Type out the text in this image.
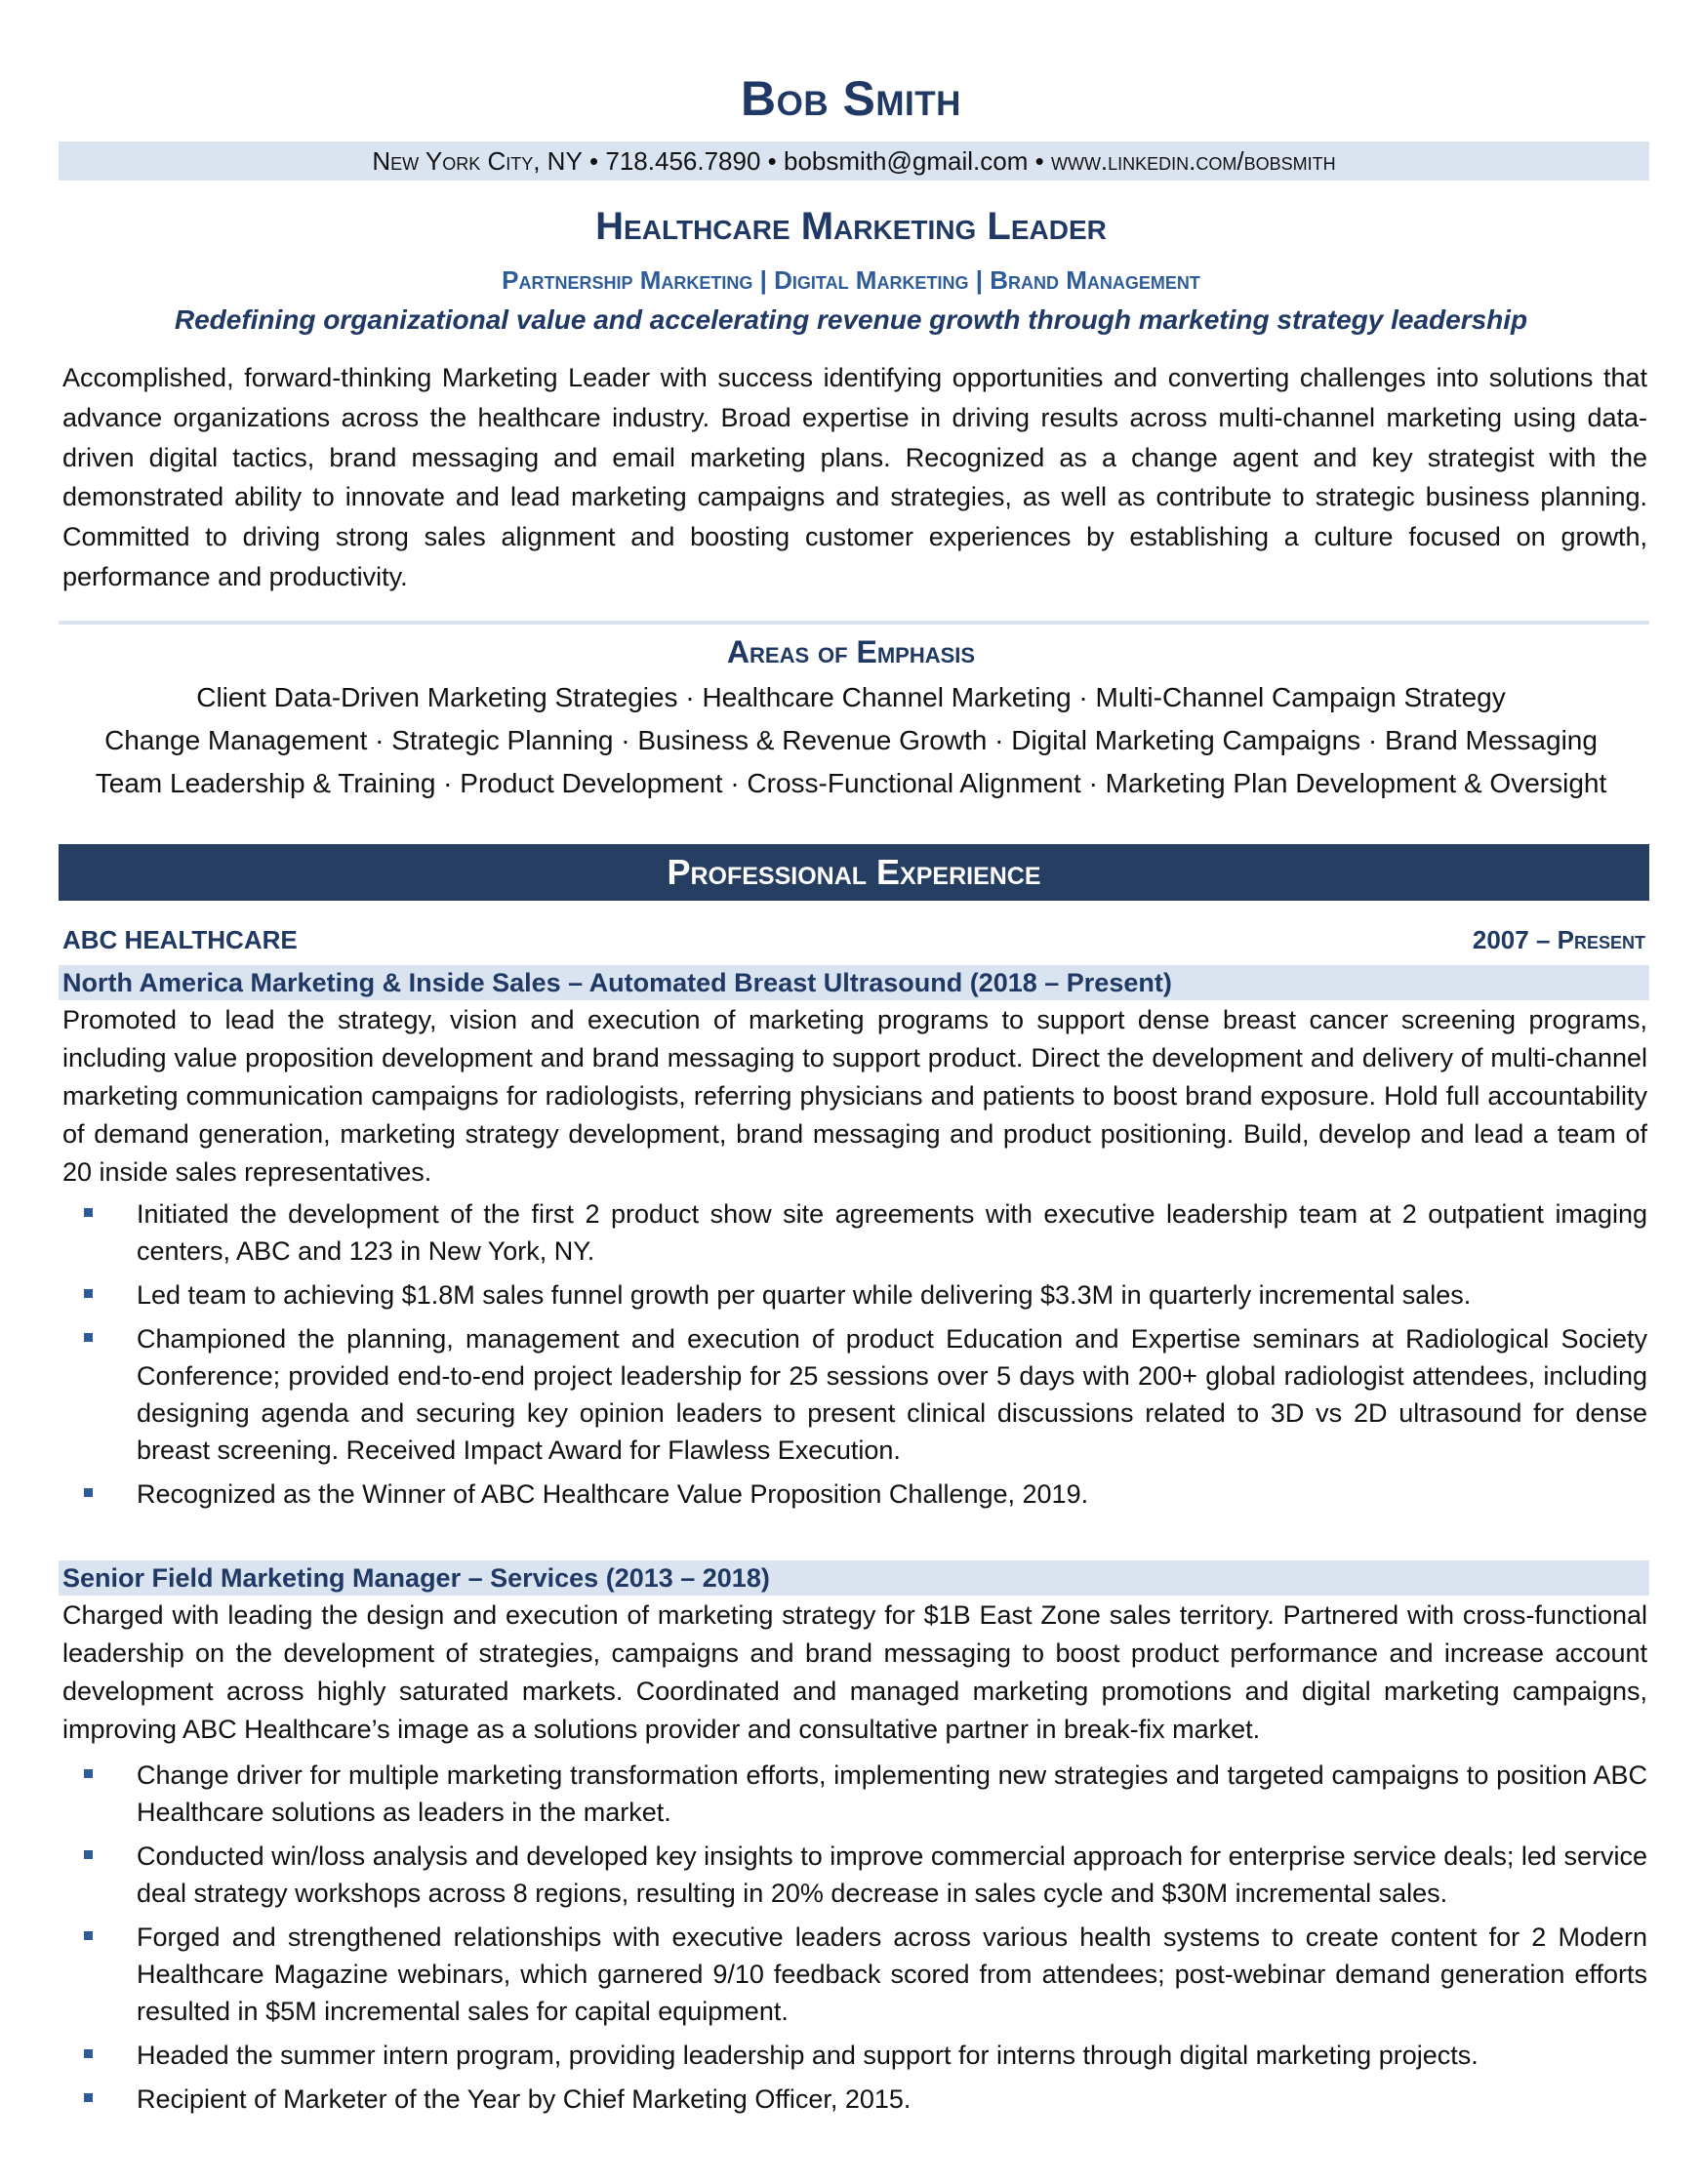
Bob Smith
New York City, NY • 718.456.7890 • bobsmith@gmail.com • www.linkedin.com/bobsmith
Healthcare Marketing Leader
Partnership Marketing | Digital Marketing | Brand Management
Redefining organizational value and accelerating revenue growth through marketing strategy leadership
Accomplished, forward-thinking Marketing Leader with success identifying opportunities and converting challenges into solutions that advance organizations across the healthcare industry. Broad expertise in driving results across multi-channel marketing using data-driven digital tactics, brand messaging and email marketing plans. Recognized as a change agent and key strategist with the demonstrated ability to innovate and lead marketing campaigns and strategies, as well as contribute to strategic business planning. Committed to driving strong sales alignment and boosting customer experiences by establishing a culture focused on growth, performance and productivity.
Areas of Emphasis
Client Data-Driven Marketing Strategies · Healthcare Channel Marketing · Multi-Channel Campaign Strategy
Change Management · Strategic Planning · Business & Revenue Growth · Digital Marketing Campaigns · Brand Messaging
Team Leadership & Training · Product Development · Cross-Functional Alignment · Marketing Plan Development & Oversight
Professional Experience
ABC HEALTHCARE	2007 – Present
North America Marketing & Inside Sales – Automated Breast Ultrasound (2018 – Present)
Promoted to lead the strategy, vision and execution of marketing programs to support dense breast cancer screening programs, including value proposition development and brand messaging to support product. Direct the development and delivery of multi-channel marketing communication campaigns for radiologists, referring physicians and patients to boost brand exposure. Hold full accountability of demand generation, marketing strategy development, brand messaging and product positioning. Build, develop and lead a team of 20 inside sales representatives.
Initiated the development of the first 2 product show site agreements with executive leadership team at 2 outpatient imaging centers, ABC and 123 in New York, NY.
Led team to achieving $1.8M sales funnel growth per quarter while delivering $3.3M in quarterly incremental sales.
Championed the planning, management and execution of product Education and Expertise seminars at Radiological Society Conference; provided end-to-end project leadership for 25 sessions over 5 days with 200+ global radiologist attendees, including designing agenda and securing key opinion leaders to present clinical discussions related to 3D vs 2D ultrasound for dense breast screening. Received Impact Award for Flawless Execution.
Recognized as the Winner of ABC Healthcare Value Proposition Challenge, 2019.
Senior Field Marketing Manager – Services (2013 – 2018)
Charged with leading the design and execution of marketing strategy for $1B East Zone sales territory. Partnered with cross-functional leadership on the development of strategies, campaigns and brand messaging to boost product performance and increase account development across highly saturated markets. Coordinated and managed marketing promotions and digital marketing campaigns, improving ABC Healthcare’s image as a solutions provider and consultative partner in break-fix market.
Change driver for multiple marketing transformation efforts, implementing new strategies and targeted campaigns to position ABC Healthcare solutions as leaders in the market.
Conducted win/loss analysis and developed key insights to improve commercial approach for enterprise service deals; led service deal strategy workshops across 8 regions, resulting in 20% decrease in sales cycle and $30M incremental sales.
Forged and strengthened relationships with executive leaders across various health systems to create content for 2 Modern Healthcare Magazine webinars, which garnered 9/10 feedback scored from attendees; post-webinar demand generation efforts resulted in $5M incremental sales for capital equipment.
Headed the summer intern program, providing leadership and support for interns through digital marketing projects.
Recipient of Marketer of the Year by Chief Marketing Officer, 2015.
